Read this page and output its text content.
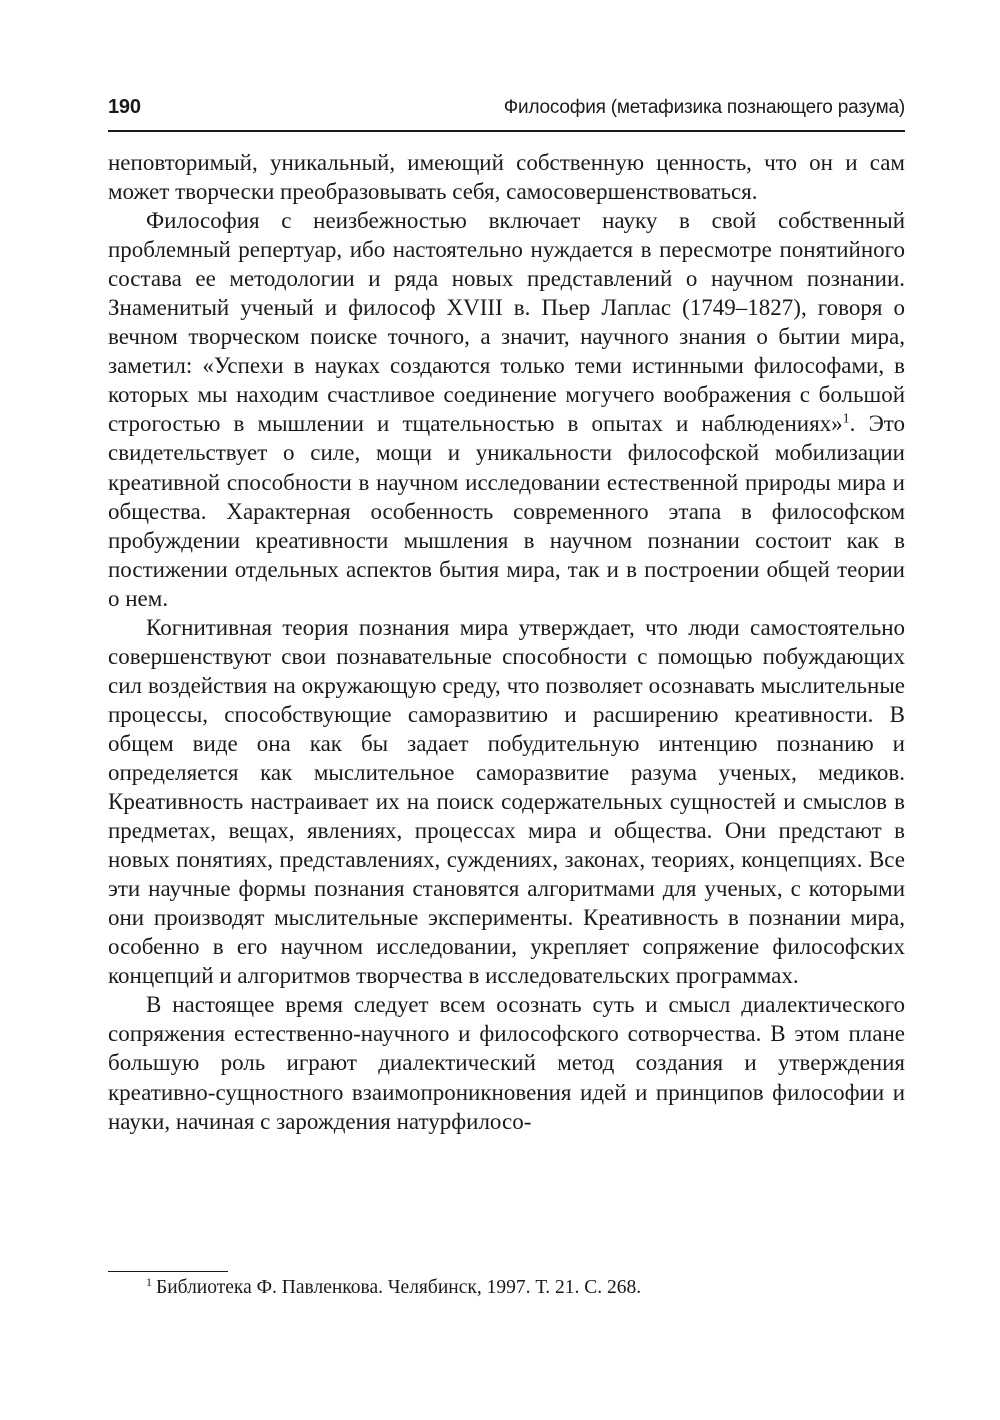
190	Философия (метафизика познающего разума)

неповторимый, уникальный, имеющий собственную ценность, что он и сам может творчески преобразовывать себя, самосовершенствоваться.

Философия с неизбежностью включает науку в свой собственный проблемный репертуар, ибо настоятельно нуждается в пересмотре понятийного состава ее методологии и ряда новых представлений о научном познании. Знаменитый ученый и философ XVIII в. Пьер Лаплас (1749–1827), говоря о вечном творческом поиске точного, а значит, научного знания о бытии мира, заметил: «Успехи в науках создаются только теми истинными философами, в которых мы находим счастливое соединение могучего воображения с большой строгостью в мышлении и тщательностью в опытах и наблюдениях»$^1$. Это свидетельствует о силе, мощи и уникальности философской мобилизации креативной способности в научном исследовании естественной природы мира и общества. Характерная особенность современного этапа в философском пробуждении креативности мышления в научном познании состоит как в постижении отдельных аспектов бытия мира, так и в построении общей теории о нем.

Когнитивная теория познания мира утверждает, что люди самостоятельно совершенствуют свои познавательные способности с помощью побуждающих сил воздействия на окружающую среду, что позволяет осознавать мыслительные процессы, способствующие саморазвитию и расширению креативности. В общем виде она как бы задает побудительную интенцию познанию и определяется как мыслительное саморазвитие разума ученых, медиков. Креативность настраивает их на поиск содержательных сущностей и смыслов в предметах, вещах, явлениях, процессах мира и общества. Они предстают в новых понятиях, представлениях, суждениях, законах, теориях, концепциях. Все эти научные формы познания становятся алгоритмами для ученых, с которыми они производят мыслительные эксперименты. Креативность в познании мира, особенно в его научном исследовании, укрепляет сопряжение философских концепций и алгоритмов творчества в исследовательских программах.

В настоящее время следует всем осознать суть и смысл диалектического сопряжения естественно-научного и философского сотворчества. В этом плане большую роль играют диалектический метод создания и утверждения креативно-сущностного взаимопроникновения идей и принципов философии и науки, начиная с зарождения натурфилосо-

$^1$ Библиотека Ф. Павленкова. Челябинск, 1997. Т. 21. С. 268.
